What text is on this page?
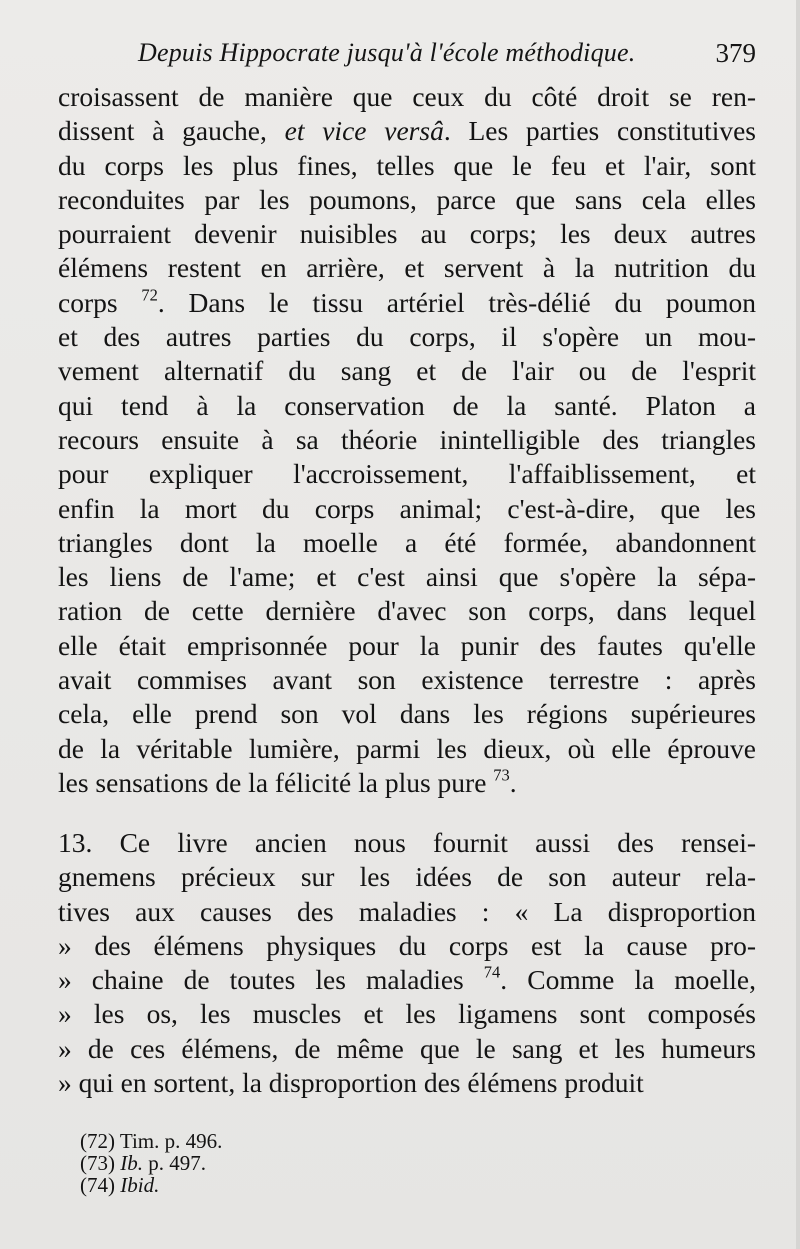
Depuis Hippocrate jusqu'à l'école méthodique.	379
croisassent de manière que ceux du côté droit se ren-
dissent à gauche, et vice versâ. Les parties constitutives
du corps les plus fines, telles que le feu et l'air, sont
reconduites par les poumons, parce que sans cela elles
pourraient devenir nuisibles au corps; les deux autres
élémens restent en arrière, et servent à la nutrition du
corps $^{72}$. Dans le tissu artériel très-délié du poumon
et des autres parties du corps, il s'opère un mou-
vement alternatif du sang et de l'air ou de l'esprit
qui tend à la conservation de la santé. Platon a
recours ensuite à sa théorie inintelligible des triangles
pour expliquer l'accroissement, l'affaiblissement, et
enfin la mort du corps animal; c'est-à-dire, que les
triangles dont la moelle a été formée, abandonnent
les liens de l'ame; et c'est ainsi que s'opère la sépa-
ration de cette dernière d'avec son corps, dans lequel
elle était emprisonnée pour la punir des fautes qu'elle
avait commises avant son existence terrestre : après
cela, elle prend son vol dans les régions supérieures
de la véritable lumière, parmi les dieux, où elle éprouve
les sensations de la félicité la plus pure $^{73}$.
13. Ce livre ancien nous fournit aussi des rensei-
gnemens précieux sur les idées de son auteur rela-
tives aux causes des maladies : « La disproportion
» des élémens physiques du corps est la cause pro-
» chaine de toutes les maladies $^{74}$. Comme la moelle,
» les os, les muscles et les ligamens sont composés
» de ces élémens, de même que le sang et les humeurs
» qui en sortent, la disproportion des élémens produit
(72) Tim. p. 496.
(73) Ib. p. 497.
(74) Ibid.
